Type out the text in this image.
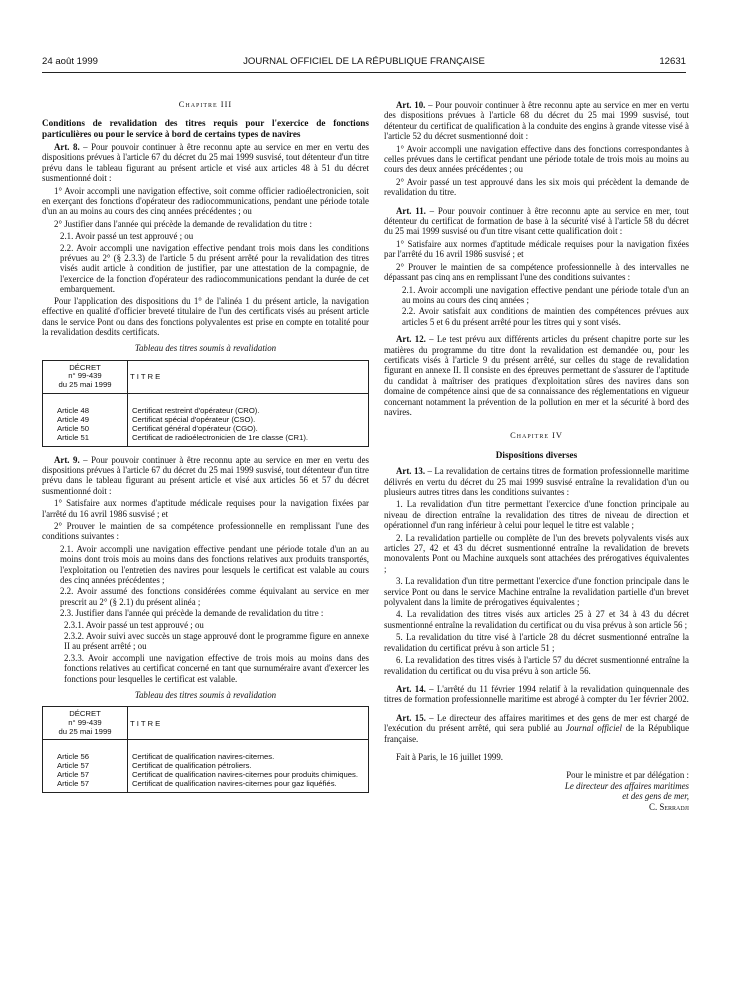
24 août 1999	JOURNAL OFFICIEL DE LA RÉPUBLIQUE FRANÇAISE	12631

Chapitre III

Conditions de revalidation des titres requis pour l'exercice de fonctions particulières ou pour le service à bord de certains types de navires

Art. 8. – Pour pouvoir continuer à être reconnu apte au service en mer en vertu des dispositions prévues à l'article 67 du décret du 25 mai 1999 susvisé, tout détenteur d'un titre prévu dans le tableau figurant au présent article et visé aux articles 48 à 51 du décret susmentionné doit :

1° Avoir accompli une navigation effective, soit comme officier radioélectronicien, soit en exerçant des fonctions d'opérateur des radiocommunications, pendant une période totale d'un an au moins au cours des cinq années précédentes ; ou

2° Justifier dans l'année qui précède la demande de revalidation du titre :

2.1. Avoir passé un test approuvé ; ou

2.2. Avoir accompli une navigation effective pendant trois mois dans les conditions prévues au 2° (§ 2.3.3) de l'article 5 du présent arrêté pour la revalidation des titres visés audit article à condition de justifier, par une attestation de la compagnie, de l'exercice de la fonction d'opérateur des radiocommunications pendant la durée de cet embarquement.

Pour l'application des dispositions du 1° de l'alinéa 1 du présent article, la navigation effective en qualité d'officier breveté titulaire de l'un des certificats visés au présent article dans le service Pont ou dans des fonctions polyvalentes est prise en compte en totalité pour la revalidation desdits certificats.

Tableau des titres soumis à revalidation

DÉCRET
n° 99-439
du 25 mai 1999	TITRE
Article 48	Certificat restreint d'opérateur (CRO).
Article 49	Certificat spécial d'opérateur (CSO).
Article 50	Certificat général d'opérateur (CGO).
Article 51	Certificat de radioélectronicien de 1re classe (CR1).

Art. 9. – Pour pouvoir continuer à être reconnu apte au service en mer en vertu des dispositions prévues à l'article 67 du décret du 25 mai 1999 susvisé, tout détenteur d'un titre prévu dans le tableau figurant au présent article et visé aux articles 56 et 57 du décret susmentionné doit :

1° Satisfaire aux normes d'aptitude médicale requises pour la navigation fixées par l'arrêté du 16 avril 1986 susvisé ; et

2° Prouver le maintien de sa compétence professionnelle en remplissant l'une des conditions suivantes :

2.1. Avoir accompli une navigation effective pendant une période totale d'un an au moins dont trois mois au moins dans des fonctions relatives aux produits transportés, l'exploitation ou l'entretien des navires pour lesquels le certificat est valable au cours des cinq années précédentes ;

2.2. Avoir assumé des fonctions considérées comme équivalant au service en mer prescrit au 2° (§ 2.1) du présent alinéa ;

2.3. Justifier dans l'année qui précède la demande de revalidation du titre :

2.3.1. Avoir passé un test approuvé ; ou

2.3.2. Avoir suivi avec succès un stage approuvé dont le programme figure en annexe II au présent arrêté ; ou

2.3.3. Avoir accompli une navigation effective de trois mois au moins dans des fonctions relatives au certificat concerné en tant que surnuméraire avant d'exercer les fonctions pour lesquelles le certificat est valable.

Tableau des titres soumis à revalidation

DÉCRET
n° 99-439
du 25 mai 1999	TITRE
Article 56	Certificat de qualification navires-citernes.
Article 57	Certificat de qualification pétroliers.
Article 57	Certificat de qualification navires-citernes pour produits chimiques.
Article 57	Certificat de qualification navires-citernes pour gaz liquéfiés.

Art. 10. – Pour pouvoir continuer à être reconnu apte au service en mer en vertu des dispositions prévues à l'article 68 du décret du 25 mai 1999 susvisé, tout détenteur du certificat de qualification à la conduite des engins à grande vitesse visé à l'article 52 du décret susmentionné doit :

1° Avoir accompli une navigation effective dans des fonctions correspondantes à celles prévues dans le certificat pendant une période totale de trois mois au moins au cours des deux années précédentes ; ou

2° Avoir passé un test approuvé dans les six mois qui précèdent la demande de revalidation du titre.

Art. 11. – Pour pouvoir continuer à être reconnu apte au service en mer, tout détenteur du certificat de formation de base à la sécurité visé à l'article 58 du décret du 25 mai 1999 susvisé ou d'un titre visant cette qualification doit :

1° Satisfaire aux normes d'aptitude médicale requises pour la navigation fixées par l'arrêté du 16 avril 1986 susvisé ; et

2° Prouver le maintien de sa compétence professionnelle à des intervalles ne dépassant pas cinq ans en remplissant l'une des conditions suivantes :

2.1. Avoir accompli une navigation effective pendant une période totale d'un an au moins au cours des cinq années ;

2.2. Avoir satisfait aux conditions de maintien des compétences prévues aux articles 5 et 6 du présent arrêté pour les titres qui y sont visés.

Art. 12. – Le test prévu aux différents articles du présent chapitre porte sur les matières du programme du titre dont la revalidation est demandée ou, pour les certificats visés à l'article 9 du présent arrêté, sur celles du stage de revalidation figurant en annexe II. Il consiste en des épreuves permettant de s'assurer de l'aptitude du candidat à maîtriser des pratiques d'exploitation sûres des navires dans son domaine de compétence ainsi que de sa connaissance des réglementations en vigueur concernant notamment la prévention de la pollution en mer et la sécurité à bord des navires.

Chapitre IV

Dispositions diverses

Art. 13. – La revalidation de certains titres de formation professionnelle maritime délivrés en vertu du décret du 25 mai 1999 susvisé entraîne la revalidation d'un ou plusieurs autres titres dans les conditions suivantes :

1. La revalidation d'un titre permettant l'exercice d'une fonction principale au niveau de direction entraîne la revalidation des titres de niveau de direction et opérationnel d'un rang inférieur à celui pour lequel le titre est valable ;

2. La revalidation partielle ou complète de l'un des brevets polyvalents visés aux articles 27, 42 et 43 du décret susmentionné entraîne la revalidation de brevets monovalents Pont ou Machine auxquels sont attachées des prérogatives équivalentes ;

3. La revalidation d'un titre permettant l'exercice d'une fonction principale dans le service Pont ou dans le service Machine entraîne la revalidation partielle d'un brevet polyvalent dans la limite de prérogatives équivalentes ;

4. La revalidation des titres visés aux articles 25 à 27 et 34 à 43 du décret susmentionné entraîne la revalidation du certificat ou du visa prévus à son article 56 ;

5. La revalidation du titre visé à l'article 28 du décret susmentionné entraîne la revalidation du certificat prévu à son article 51 ;

6. La revalidation des titres visés à l'article 57 du décret susmentionné entraîne la revalidation du certificat ou du visa prévu à son article 56.

Art. 14. – L'arrêté du 11 février 1994 relatif à la revalidation quinquennale des titres de formation professionnelle maritime est abrogé à compter du 1er février 2002.

Art. 15. – Le directeur des affaires maritimes et des gens de mer est chargé de l'exécution du présent arrêté, qui sera publié au Journal officiel de la République française.

Fait à Paris, le 16 juillet 1999.

Pour le ministre et par délégation :

Le directeur des affaires maritimes

et des gens de mer,

C. Serradji
